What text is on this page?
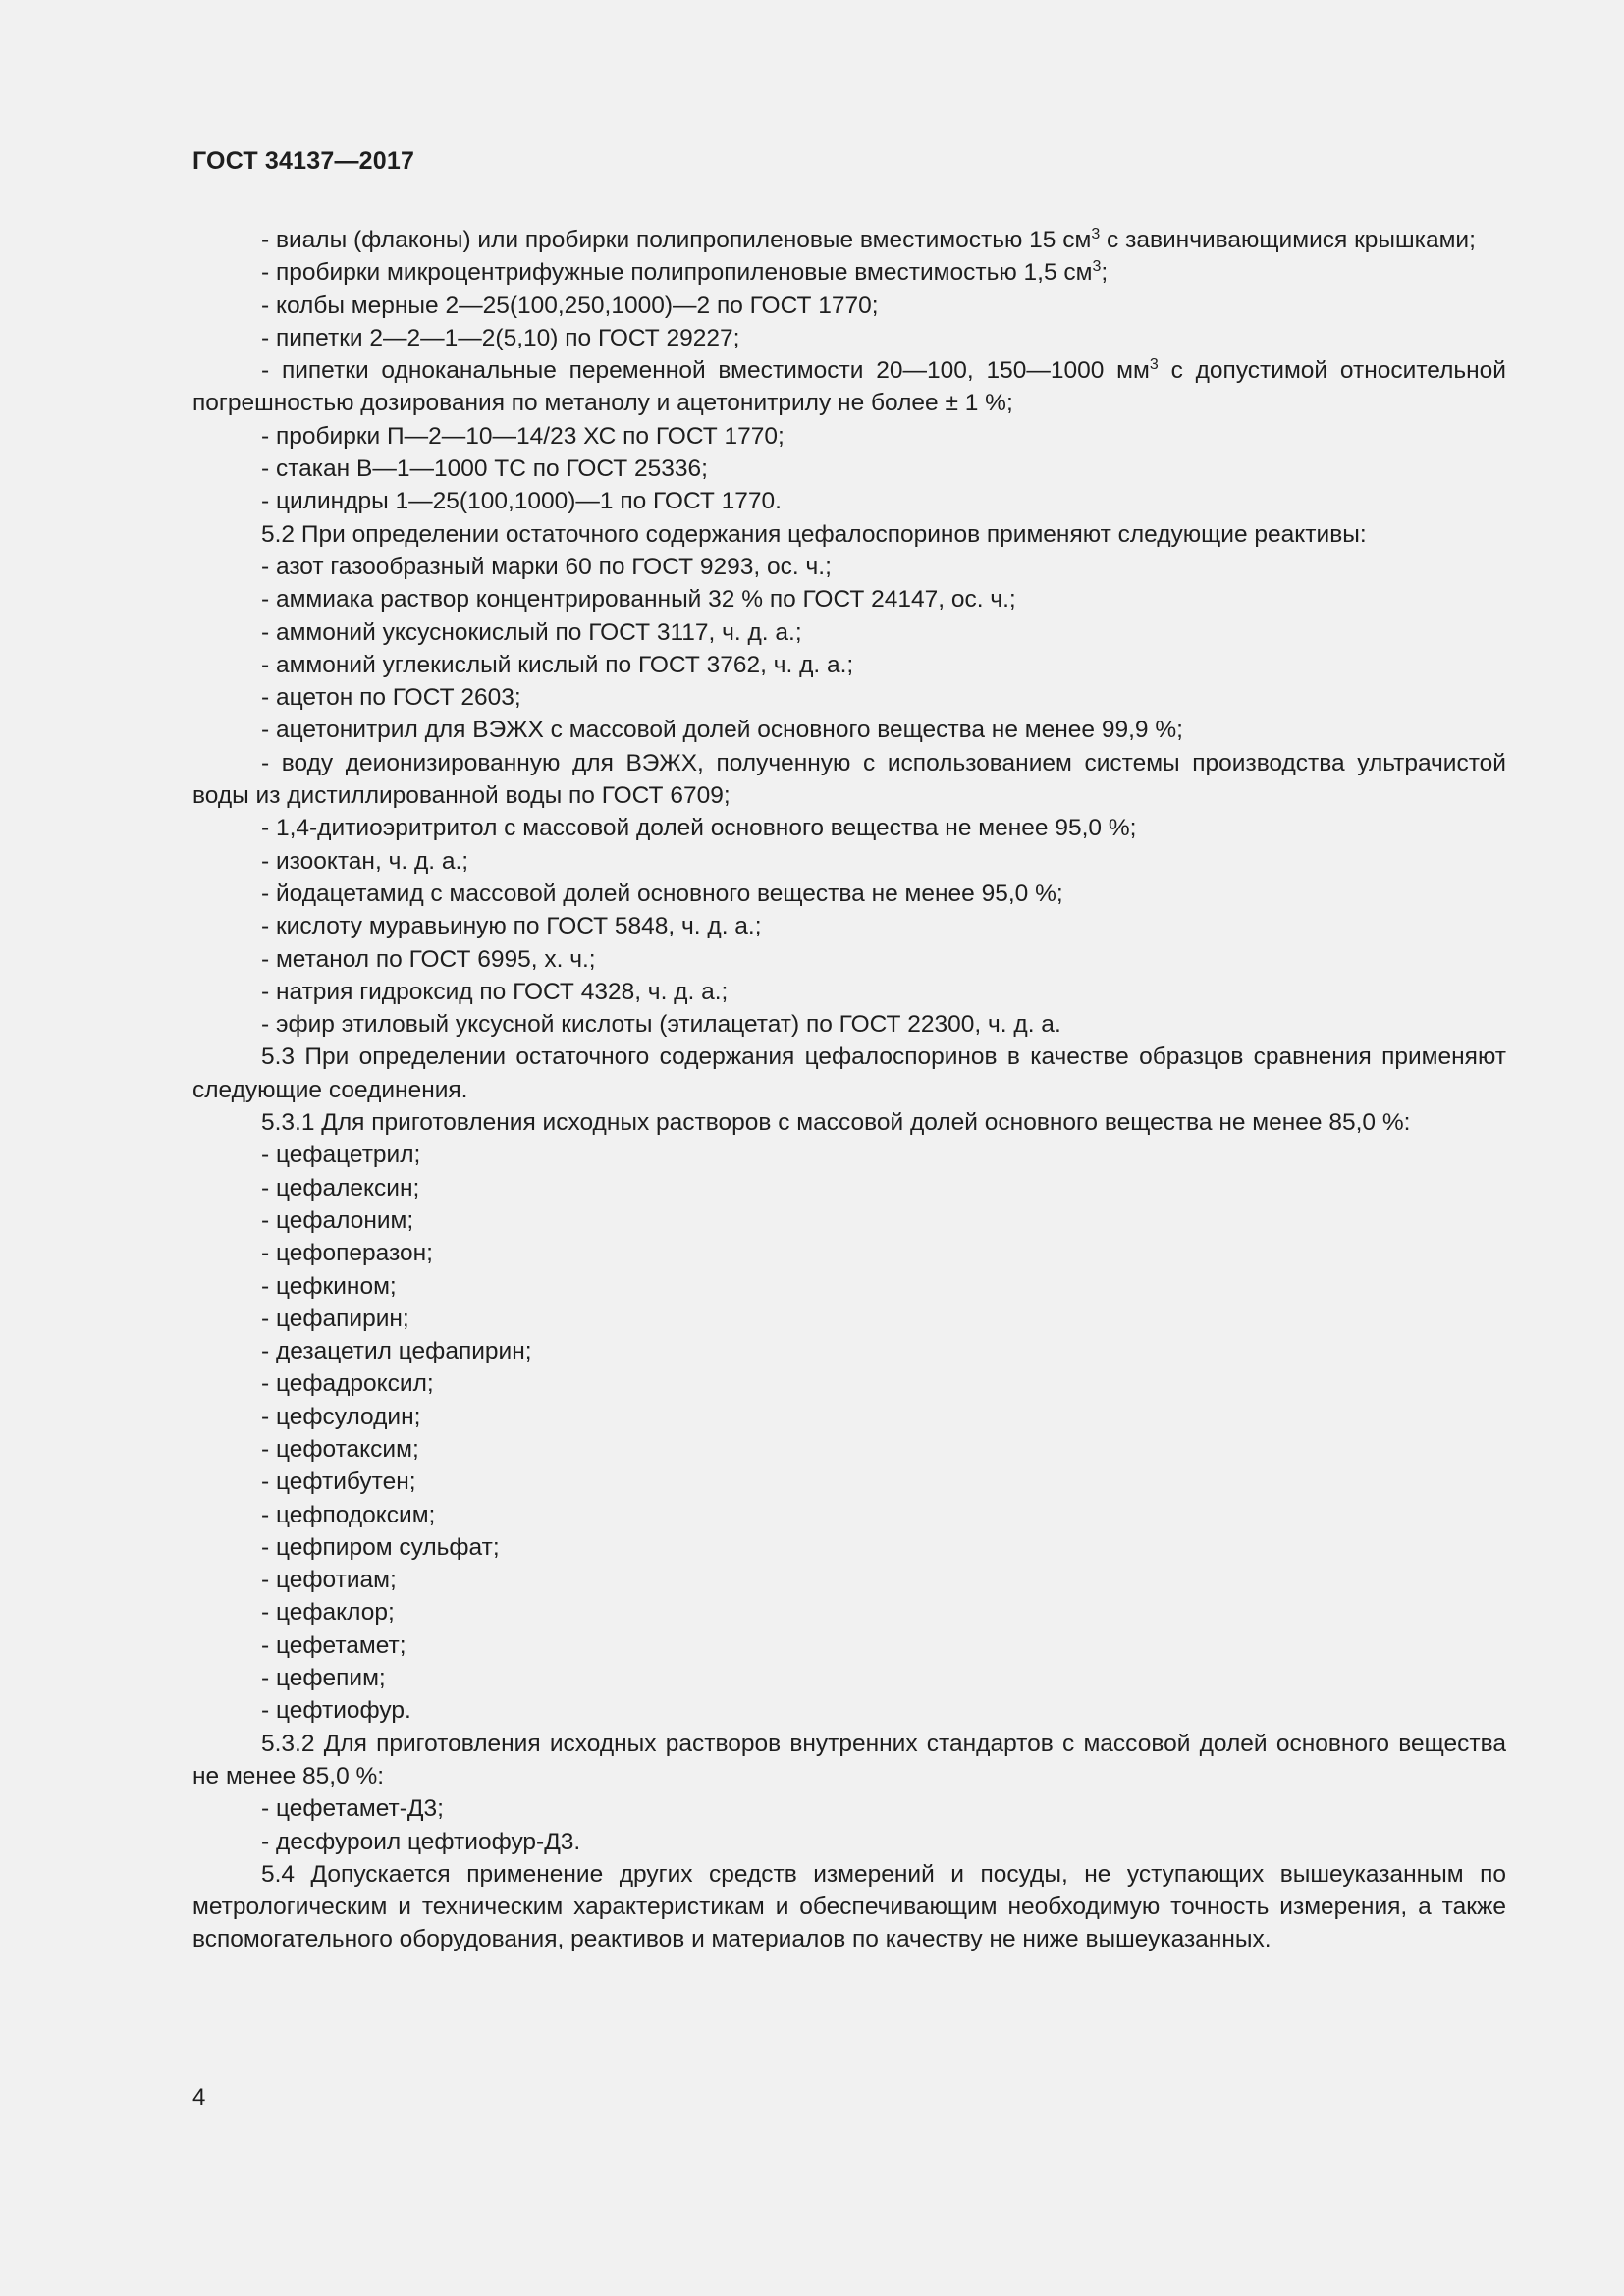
ГОСТ 34137—2017

- виалы (флаконы) или пробирки полипропиленовые вместимостью 15 $см^3$ с завинчивающимися крышками;

- пробирки микроцентрифужные полипропиленовые вместимостью 1,5 $см^3$;

- колбы мерные 2—25(100,250,1000)—2 по ГОСТ 1770;

- пипетки 2—2—1—2(5,10) по ГОСТ 29227;

- пипетки одноканальные переменной вместимости 20—100, 150—1000 $мм^3$ с допустимой относительной погрешностью дозирования по метанолу и ацетонитрилу не более ± 1 %;

- пробирки П—2—10—14/23 ХС по ГОСТ 1770;

- стакан В—1—1000 ТС по ГОСТ 25336;

- цилиндры 1—25(100,1000)—1 по ГОСТ 1770.

5.2 При определении остаточного содержания цефалоспоринов применяют следующие реактивы:

- азот газообразный марки 60 по ГОСТ 9293, ос. ч.;

- аммиака раствор концентрированный 32 % по ГОСТ 24147, ос. ч.;

- аммоний уксуснокислый по ГОСТ 3117, ч. д. а.;

- аммоний углекислый кислый по ГОСТ 3762, ч. д. а.;

- ацетон по ГОСТ 2603;

- ацетонитрил для ВЭЖХ с массовой долей основного вещества не менее 99,9 %;

- воду деионизированную для ВЭЖХ, полученную с использованием системы производства ультрачистой воды из дистиллированной воды по ГОСТ 6709;

- 1,4-дитиоэритритол с массовой долей основного вещества не менее 95,0 %;

- изооктан, ч. д. а.;

- йодацетамид с массовой долей основного вещества не менее 95,0 %;

- кислоту муравьиную по ГОСТ 5848, ч. д. а.;

- метанол по ГОСТ 6995, х. ч.;

- натрия гидроксид по ГОСТ 4328, ч. д. а.;

- эфир этиловый уксусной кислоты (этилацетат) по ГОСТ 22300, ч. д. а.

5.3 При определении остаточного содержания цефалоспоринов в качестве образцов сравнения применяют следующие соединения.

5.3.1 Для приготовления исходных растворов с массовой долей основного вещества не менее 85,0 %:

- цефацетрил;

- цефалексин;

- цефалоним;

- цефоперазон;

- цефкином;

- цефапирин;

- дезацетил цефапирин;

- цефадроксил;

- цефсулодин;

- цефотаксим;

- цефтибутен;

- цефподоксим;

- цефпиром сульфат;

- цефотиам;

- цефаклор;

- цефетамет;

- цефепим;

- цефтиофур.

5.3.2 Для приготовления исходных растворов внутренних стандартов с массовой долей основного вещества не менее 85,0 %:

- цефетамет-Д3;

- десфуроил цефтиофур-Д3.

5.4 Допускается применение других средств измерений и посуды, не уступающих вышеуказанным по метрологическим и техническим характеристикам и обеспечивающим необходимую точность измерения, а также вспомогательного оборудования, реактивов и материалов по качеству не ниже вышеуказанных.

4
